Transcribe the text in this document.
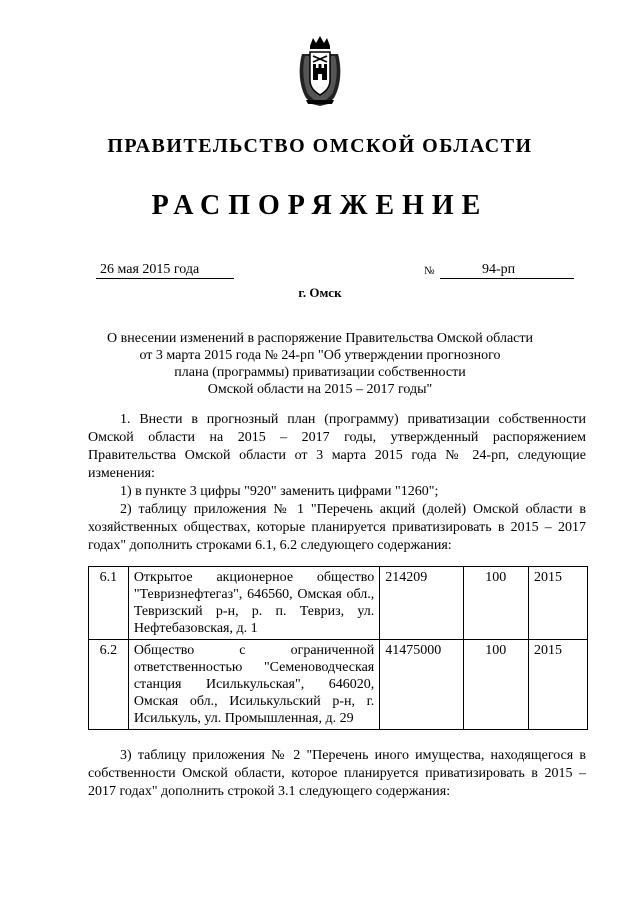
ПРАВИТЕЛЬСТВО ОМСКОЙ ОБЛАСТИ
РАСПОРЯЖЕНИЕ
26 мая 2015 года	№	94-рп
г. Омск
О внесении изменений в распоряжение Правительства Омской области
от 3 марта 2015 года № 24-рп "Об утверждении прогнозного
плана (программы) приватизации собственности
Омской области на 2015 – 2017 годы"

1. Внести в прогнозный план (программу) приватизации собственности Омской области на 2015 – 2017 годы, утвержденный распоряжением Правительства Омской области от 3 марта 2015 года № 24-рп, следующие изменения:

1) в пункте 3 цифры "920" заменить цифрами "1260";

2) таблицу приложения № 1 "Перечень акций (долей) Омской области в хозяйственных обществах, которые планируется приватизировать в 2015 – 2017 годах" дополнить строками 6.1, 6.2 следующего содержания:

6.1	Открытое акционерное общество "Тевризнефтегаз", 646560, Омская обл., Тевризский р-н, р. п. Тевриз, ул. Нефтебазовская, д. 1	214209	100	2015
6.2	Общество с ограниченной ответственностью "Семеноводческая станция Исилькульская", 646020, Омская обл., Исилькульский р-н, г. Исилькуль, ул. Промышленная, д. 29	41475000	100	2015

3) таблицу приложения № 2 "Перечень иного имущества, находящегося в собственности Омской области, которое планируется приватизировать в 2015 – 2017 годах" дополнить строкой 3.1 следующего содержания:
